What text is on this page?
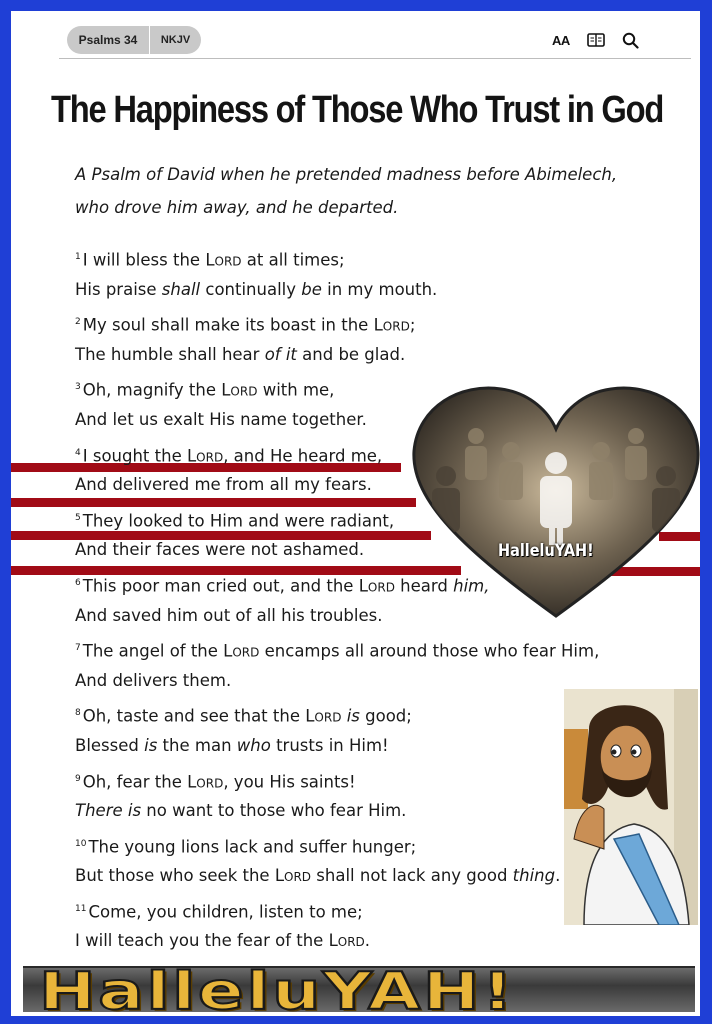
Psalms 34	NKJV	AA
The Happiness of Those Who Trust in God
A Psalm of David when he pretended madness before Abimelech,
who drove him away, and he departed.
$^1$ I will bless the Lord at all times;
His praise shall continually be in my mouth.
$^2$ My soul shall make its boast in the Lord;
The humble shall hear of it and be glad.
$^3$ Oh, magnify the Lord with me,
And let us exalt His name together.
$^4$ I sought the Lord, and He heard me,
And delivered me from all my fears.
$^5$ They looked to Him and were radiant,
And their faces were not ashamed.
$^6$ This poor man cried out, and the Lord heard him,
And saved him out of all his troubles.
$^7$ The angel of the Lord encamps all around those who fear Him,
And delivers them.
$^8$ Oh, taste and see that the Lord is good;
Blessed is the man who trusts in Him!
$^9$ Oh, fear the Lord, you His saints!
There is no want to those who fear Him.
$^{10}$ The young lions lack and suffer hunger;
But those who seek the Lord shall not lack any good thing.
$^{11}$ Come, you children, listen to me;
I will teach you the fear of the Lord.
HalleluYAH!
HalleluYAH!
